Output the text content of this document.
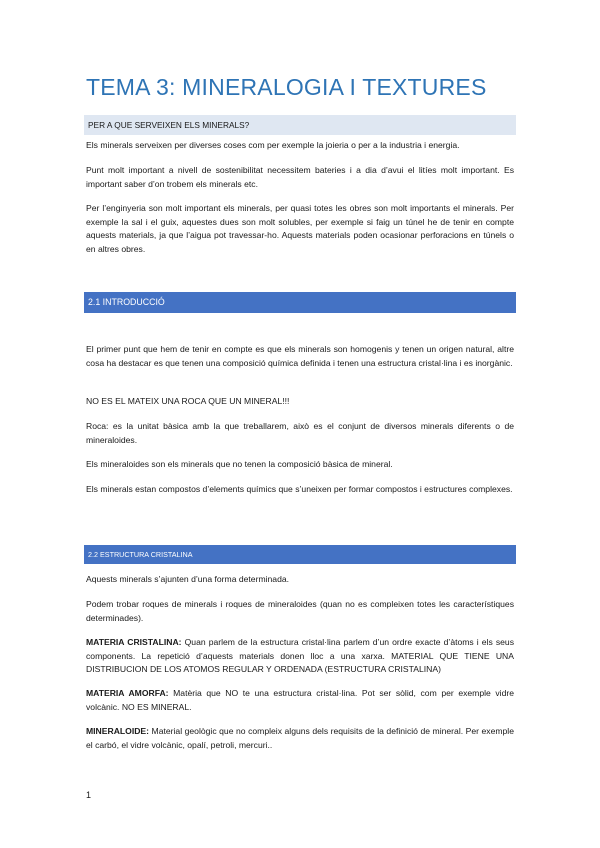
TEMA 3: MINERALOGIA I TEXTURES
PER A QUE SERVEIXEN ELS MINERALS?

Els minerals serveixen per diverses coses com per exemple la joieria o per a la industria i energia.

Punt molt important a nivell de sostenibilitat necessitem bateries i a dia d’avui el litíes molt important. Es important saber d’on trobem els minerals etc.

Per l’enginyeria son molt important els minerals, per quasi totes les obres son molt importants el minerals. Per exemple la sal i el guix, aquestes dues son molt solubles, per exemple si faig un túnel he de tenir en compte aquests materials, ja que l’aigua pot travessar-ho. Aquests materials poden ocasionar perforacions en túnels o en altres obres.

2.1 INTRODUCCIÓ

El primer punt que hem de tenir en compte es que els minerals son homogenis y tenen un origen natural, altre cosa ha destacar es que tenen una composició química definida i tenen una estructura cristal·lina i es inorgànic.

NO ES EL MATEIX UNA ROCA QUE UN MINERAL!!!

Roca: es la unitat bàsica amb la que treballarem, això es el conjunt de diversos minerals diferents o de mineraloides.

Els mineraloides son els minerals que no tenen la composició bàsica de mineral.

Els minerals estan compostos d’elements químics que s’uneixen per formar compostos i estructures complexes.

2.2 ESTRUCTURA CRISTALINA

Aquests minerals s’ajunten d’una forma determinada.

Podem trobar roques de minerals i roques de mineraloides (quan no es compleixen totes les característiques determinades).

MATERIA CRISTALINA: Quan parlem de la estructura cristal·lina parlem d’un ordre exacte d’àtoms i els seus components. La repetició d’aquests materials donen lloc a una xarxa. MATERIAL QUE TIENE UNA DISTRIBUCION DE LOS ATOMOS REGULAR Y ORDENADA (ESTRUCTURA CRISTALINA)

MATERIA AMORFA: Matèria que NO te una estructura cristal·lina. Pot ser sòlid, com per exemple vidre volcànic. NO ES MINERAL.

MINERALOIDE: Material geològic que no compleix alguns dels requisits de la definició de mineral. Per exemple el carbó, el vidre volcànic, opalí, petroli, mercuri..

1
